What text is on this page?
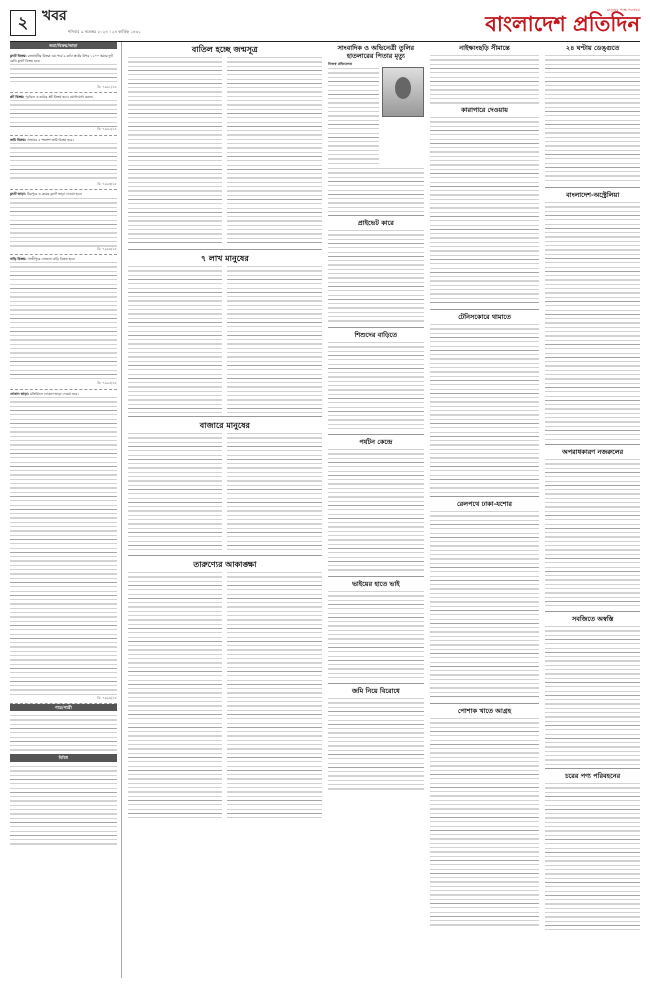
২ খবর
শনিবার ৯ নভেম্বর ২০২৪ । ২৪ কার্তিক ১৪৩১
মানুষের পক্ষে সবসময়
বাংলাদেশ প্রতিদিন
জমা/বিক্রয়/ভাড়া
ফ্ল্যাট বিক্রয়: রাজধানীর উত্তরা ৩য় পর্বে ৬ কাঠা প্লটের উপর ১২০০ স্কয়ার ফুট রেডি ফ্ল্যাট বিক্রয় হবে।
বি: ৭৯৬১/২৪
প্লট বিক্রয়: পূর্বাচল ৩ কাঠার প্লট বিক্রয় হবে। যোগাযোগ করুন।
বি: ৭৯৬২/২৪
জমি বিক্রয়: সাভারে ৫ শতাংশ জমি বিক্রয় হবে।
বি: ৭৯৬৩/২৪
ফ্ল্যাট ভাড়া: মিরপুরে ৩ রুমের ফ্ল্যাট ভাড়া দেওয়া হবে।
বি: ৭৯৬৪/২৪
বাড়ি বিক্রয়: গাজীপুরে দোতলা বাড়ি বিক্রয় হবে।
বি: ৭৯৬৫/২৪
দোকান ভাড়া: মতিঝিলে দোকান ভাড়া দেওয়া হবে।
বি: ৭৯৬৬/২৪
পাত্র/পাত্রী
বিবিধ
বাতিল হচ্ছে জন্মসূত্র
৭ লাখ মানুষের
বাজারে মানুষের
তারুণ্যের আকাঙ্ক্ষা
সাংবাদিক ও অভিনেত্রী তুলির হাতলারের পিতার মৃত্যু
নিজস্ব প্রতিবেদক
প্রাইভেট কারে
শিশুদের বাড়িতে
পর্যটন কেন্দ্রে
ভাইয়ের হাতে ভাই
জমি নিয়ে বিরোধে
নাইক্ষ্যংছড়ি সীমান্তে
কারাগারে দেওয়ায়
টেনিসকোরে থামাতে
রেলপথে ঢাকা-যশোর
পোশাক খাতে আগ্রহ
২৪ ঘণ্টায় ডেঙ্গুতে
বাংলাদেশ-অস্ট্রেলিয়া
অপরাধকারণ নজরুলের
সবজিতে অস্বস্তি
চরের পণ্য পরিবহনের
